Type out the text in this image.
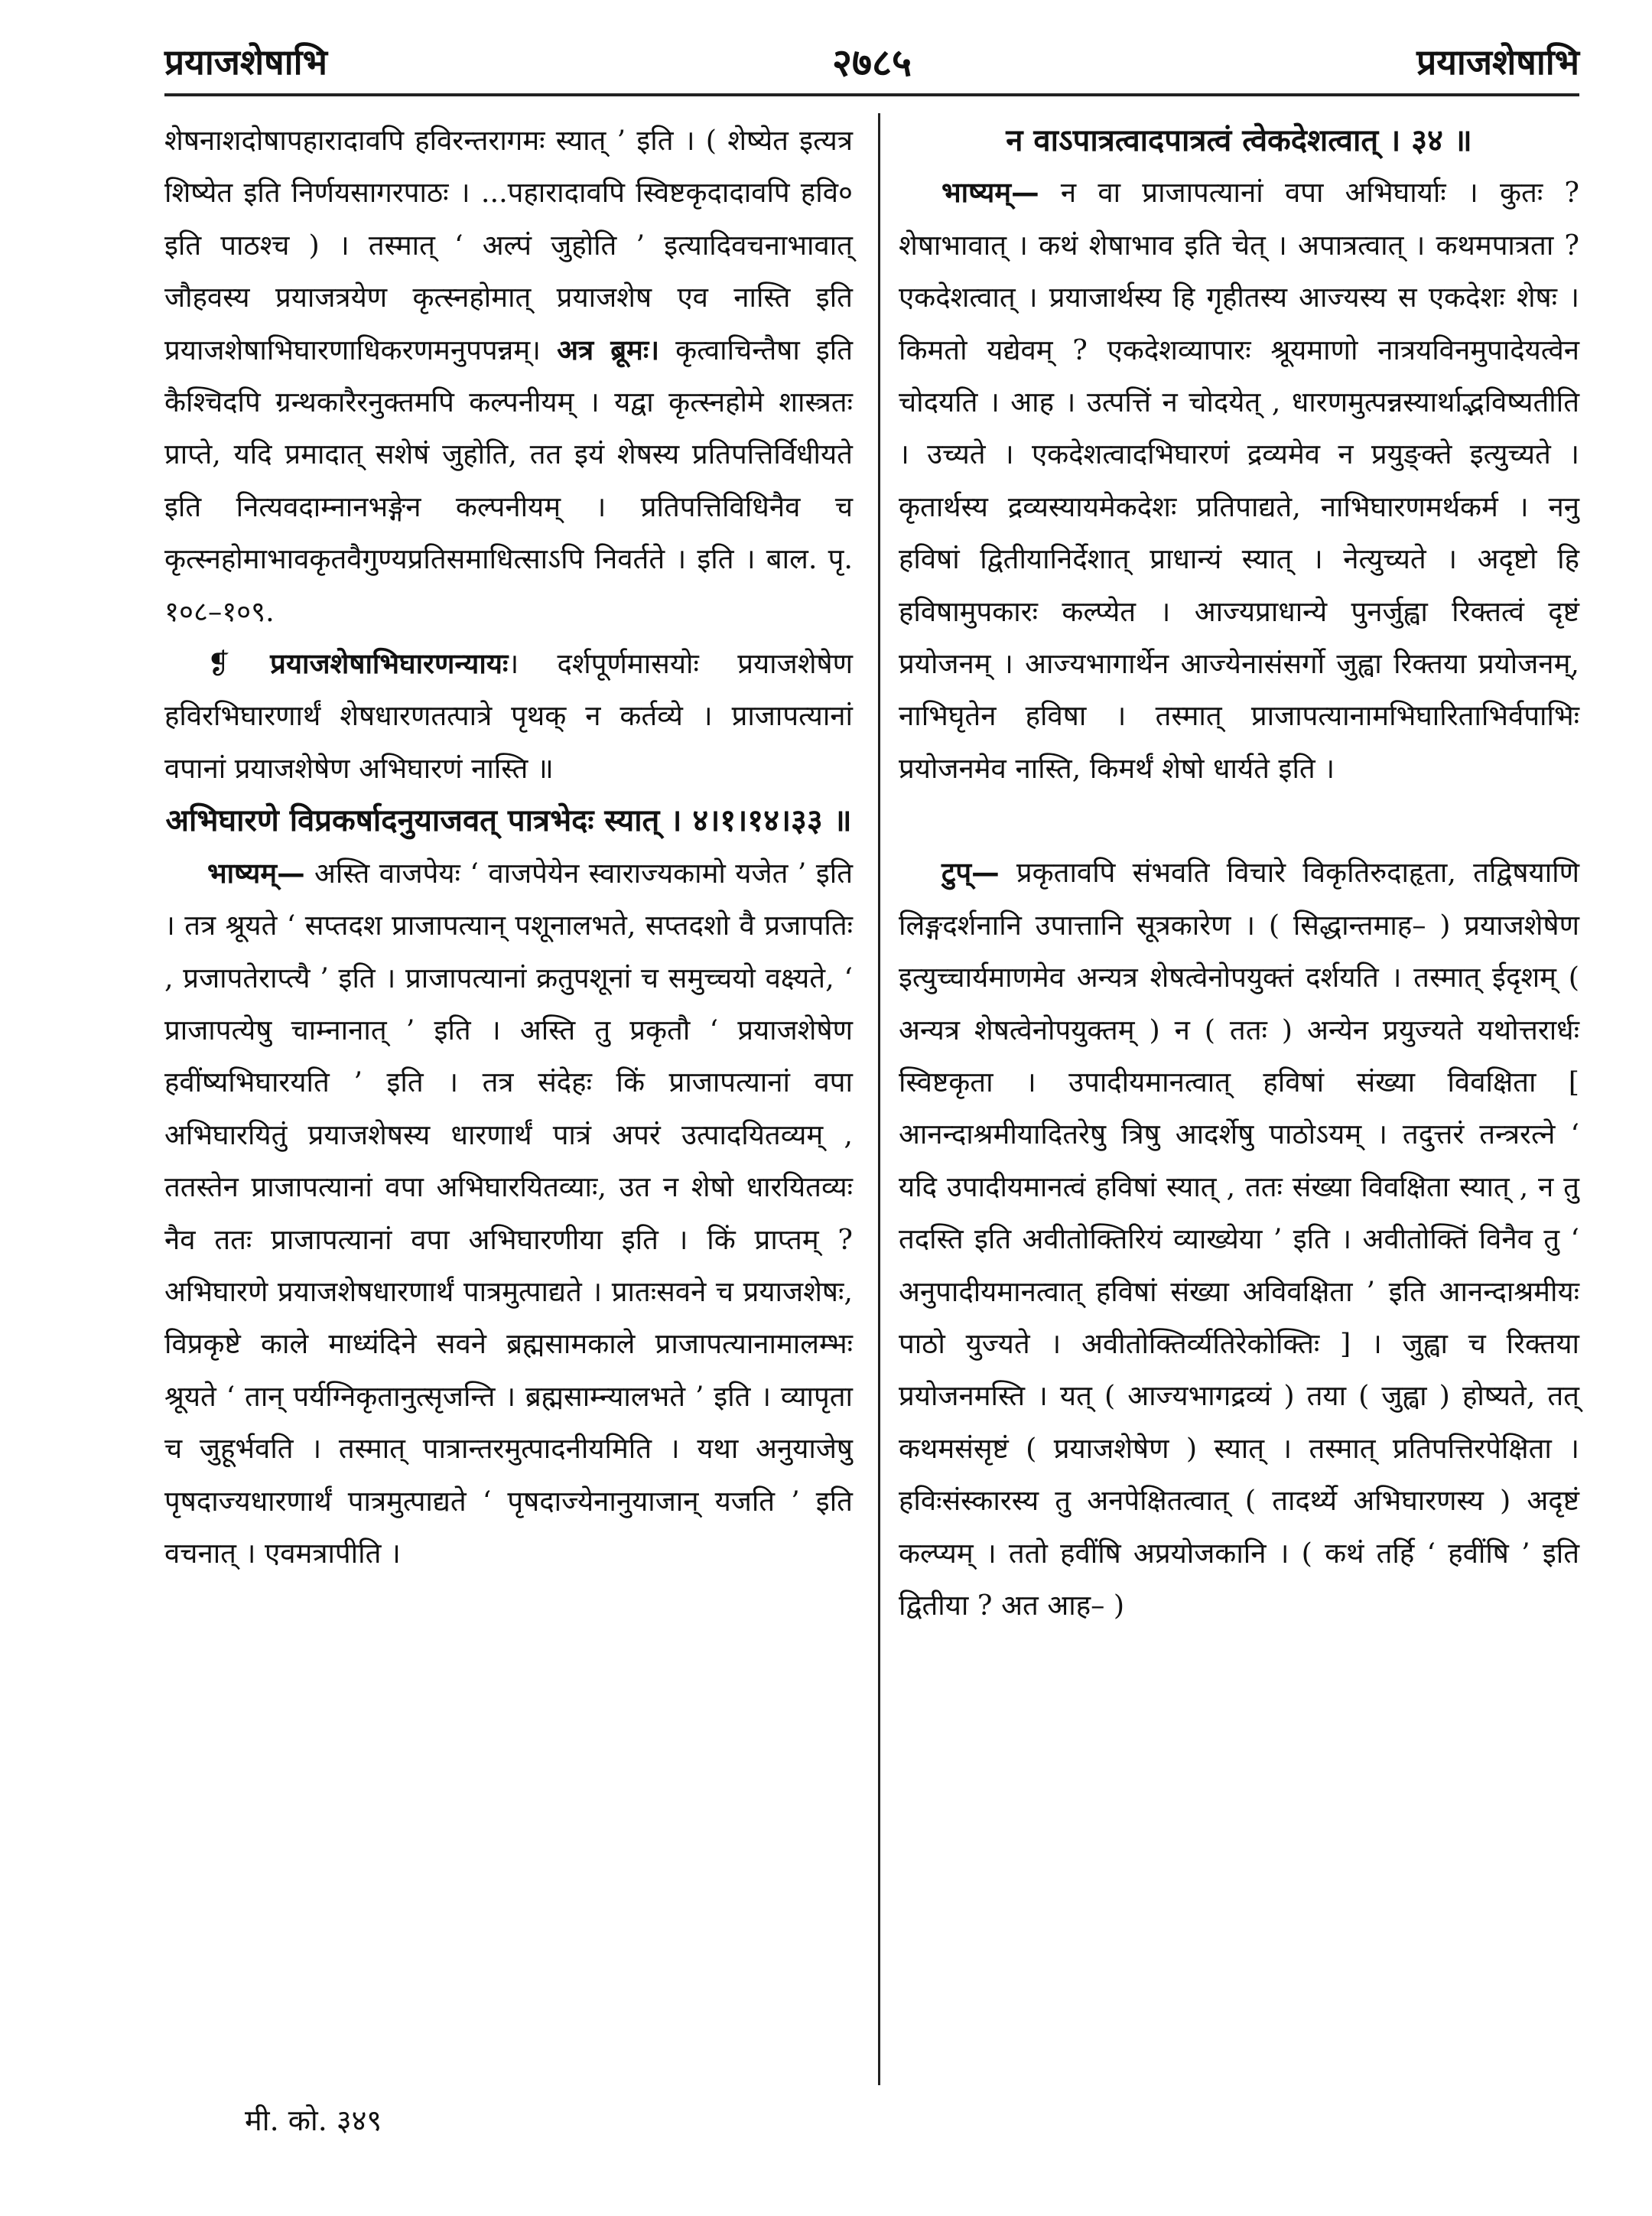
प्रयाजशेषाभि	२७८५	प्रयाजशेषाभि

शेषनाशदोषापहारादावपि हविरन्तरागमः स्यात् ’ इति । ( शेष्येत इत्यत्र शिष्येत इति निर्णयसागरपाठः । ...पहारादावपि स्विष्टकृदादावपि हवि० इति पाठश्च ) । तस्मात् ‘ अल्पं जुहोति ’ इत्यादिवचनाभावात् जौहवस्य प्रयाजत्रयेण कृत्स्नहोमात् प्रयाजशेष एव नास्ति इति प्रयाजशेषाभिघारणाधिकरणमनुपपन्नम्। अत्र ब्रूमः। कृत्वाचिन्तैषा इति कैश्चिदपि ग्रन्थकारैरनुक्तमपि कल्पनीयम् । यद्वा कृत्स्नहोमे शास्त्रतः प्राप्ते, यदि प्रमादात् सशेषं जुहोति, तत इयं शेषस्य प्रतिपत्तिर्विधीयते इति नित्यवदाम्नानभङ्गेन कल्पनीयम् । प्रतिपत्तिविधिनैव च कृत्स्नहोमाभावकृतवैगुण्यप्रतिसमाधित्साऽपि निवर्तते । इति । बाल. पृ. १०८–१०९.

❡ प्रयाजशेषाभिघारणन्यायः। दर्शपूर्णमासयोः प्रयाजशेषेण हविरभिघारणार्थं शेषधारणतत्पात्रे पृथक् न कर्तव्ये । प्राजापत्यानां वपानां प्रयाजशेषेण अभिघारणं नास्ति ॥

अभिघारणे विप्रकर्षादनुयाजवत् पात्रभेदः स्यात् । ४।१।१४।३३ ॥

भाष्यम्— अस्ति वाजपेयः ‘ वाजपेयेन स्वाराज्यकामो यजेत ’ इति । तत्र श्रूयते ‘ सप्तदश प्राजापत्यान् पशूनालभते, सप्तदशो वै प्रजापतिः , प्रजापतेराप्त्यै ’ इति । प्राजापत्यानां क्रतुपशूनां च समुच्चयो वक्ष्यते, ‘ प्राजापत्येषु चाम्नानात् ’ इति । अस्ति तु प्रकृतौ ‘ प्रयाजशेषेण हवींष्यभिघारयति ’ इति । तत्र संदेहः किं प्राजापत्यानां वपा अभिघारयितुं प्रयाजशेषस्य धारणार्थं पात्रं अपरं उत्पादयितव्यम् , ततस्तेन प्राजापत्यानां वपा अभिघारयितव्याः, उत न शेषो धारयितव्यः नैव ततः प्राजापत्यानां वपा अभिघारणीया इति । किं प्राप्तम् ? अभिघारणे प्रयाजशेषधारणार्थं पात्रमुत्पाद्यते । प्रातःसवने च प्रयाजशेषः, विप्रकृष्टे काले माध्यंदिने सवने ब्रह्मसामकाले प्राजापत्यानामालम्भः श्रूयते ‘ तान् पर्यग्निकृतानुत्सृजन्ति । ब्रह्मसाम्न्यालभते ’ इति । व्यापृता च जुहूर्भवति । तस्मात् पात्रान्तरमुत्पादनीयमिति । यथा अनुयाजेषु पृषदाज्यधारणार्थं पात्रमुत्पाद्यते ‘ पृषदाज्येनानुयाजान् यजति ’ इति वचनात् । एवमत्रापीति ।

न वाऽपात्रत्वादपात्रत्वं त्वेकदेशत्वात् । ३४ ॥

भाष्यम्— न वा प्राजापत्यानां वपा अभिघार्याः । कुतः ? शेषाभावात् । कथं शेषाभाव इति चेत् । अपात्रत्वात् । कथमपात्रता ? एकदेशत्वात् । प्रयाजार्थस्य हि गृहीतस्य आज्यस्य स एकदेशः शेषः । किमतो यद्येवम् ? एकदेशव्यापारः श्रूयमाणो नात्रयविनमुपादेयत्वेन चोदयति । आह । उत्पत्तिं न चोदयेत् , धारणमुत्पन्नस्यार्थाद्भविष्यतीति । उच्यते । एकदेशत्वादभिघारणं द्रव्यमेव न प्रयुङ्क्ते इत्युच्यते । कृतार्थस्य द्रव्यस्यायमेकदेशः प्रतिपाद्यते, नाभिघारणमर्थकर्म । ननु हविषां द्वितीयानिर्देशात् प्राधान्यं स्यात् । नेत्युच्यते । अदृष्टो हि हविषामुपकारः कल्प्येत । आज्यप्राधान्ये पुनर्जुह्वा रिक्तत्वं दृष्टं प्रयोजनम् । आज्यभागार्थेन आज्येनासंसर्गो जुह्वा रिक्तया प्रयोजनम्, नाभिघृतेन हविषा । तस्मात् प्राजापत्यानामभिघारिताभिर्वपाभिः प्रयोजनमेव नास्ति, किमर्थं शेषो धार्यते इति ।

टुप्— प्रकृतावपि संभवति विचारे विकृतिरुदाहृता, तद्विषयाणि लिङ्गदर्शनानि उपात्तानि सूत्रकारेण । ( सिद्धान्तमाह– ) प्रयाजशेषेण इत्युच्चार्यमाणमेव अन्यत्र शेषत्वेनोपयुक्तं दर्शयति । तस्मात् ईदृशम् ( अन्यत्र शेषत्वेनोपयुक्तम् ) न ( ततः ) अन्येन प्रयुज्यते यथोत्तरार्धः स्विष्टकृता । उपादीयमानत्वात् हविषां संख्या विवक्षिता [ आनन्दाश्रमीयादितरेषु त्रिषु आदर्शेषु पाठोऽयम् । तदुत्तरं तन्त्ररत्ने ‘ यदि उपादीयमानत्वं हविषां स्यात् , ततः संख्या विवक्षिता स्यात् , न तु तदस्ति इति अवीतोक्तिरियं व्याख्येया ’ इति । अवीतोक्तिं विनैव तु ‘ अनुपादीयमानत्वात् हविषां संख्या अविवक्षिता ’ इति आनन्दाश्रमीयः पाठो युज्यते । अवीतोक्तिर्व्यतिरेकोक्तिः ] । जुह्वा च रिक्तया प्रयोजनमस्ति । यत् ( आज्यभागद्रव्यं ) तया ( जुह्वा ) होष्यते, तत् कथमसंसृष्टं ( प्रयाजशेषेण ) स्यात् । तस्मात् प्रतिपत्तिरपेक्षिता । हविःसंस्कारस्य तु अनपेक्षितत्वात् ( तादर्थ्ये अभिघारणस्य ) अदृष्टं कल्प्यम् । ततो हवींषि अप्रयोजकानि । ( कथं तर्हि ‘ हवींषि ’ इति द्वितीया ? अत आह– )

मी. को. ३४९
